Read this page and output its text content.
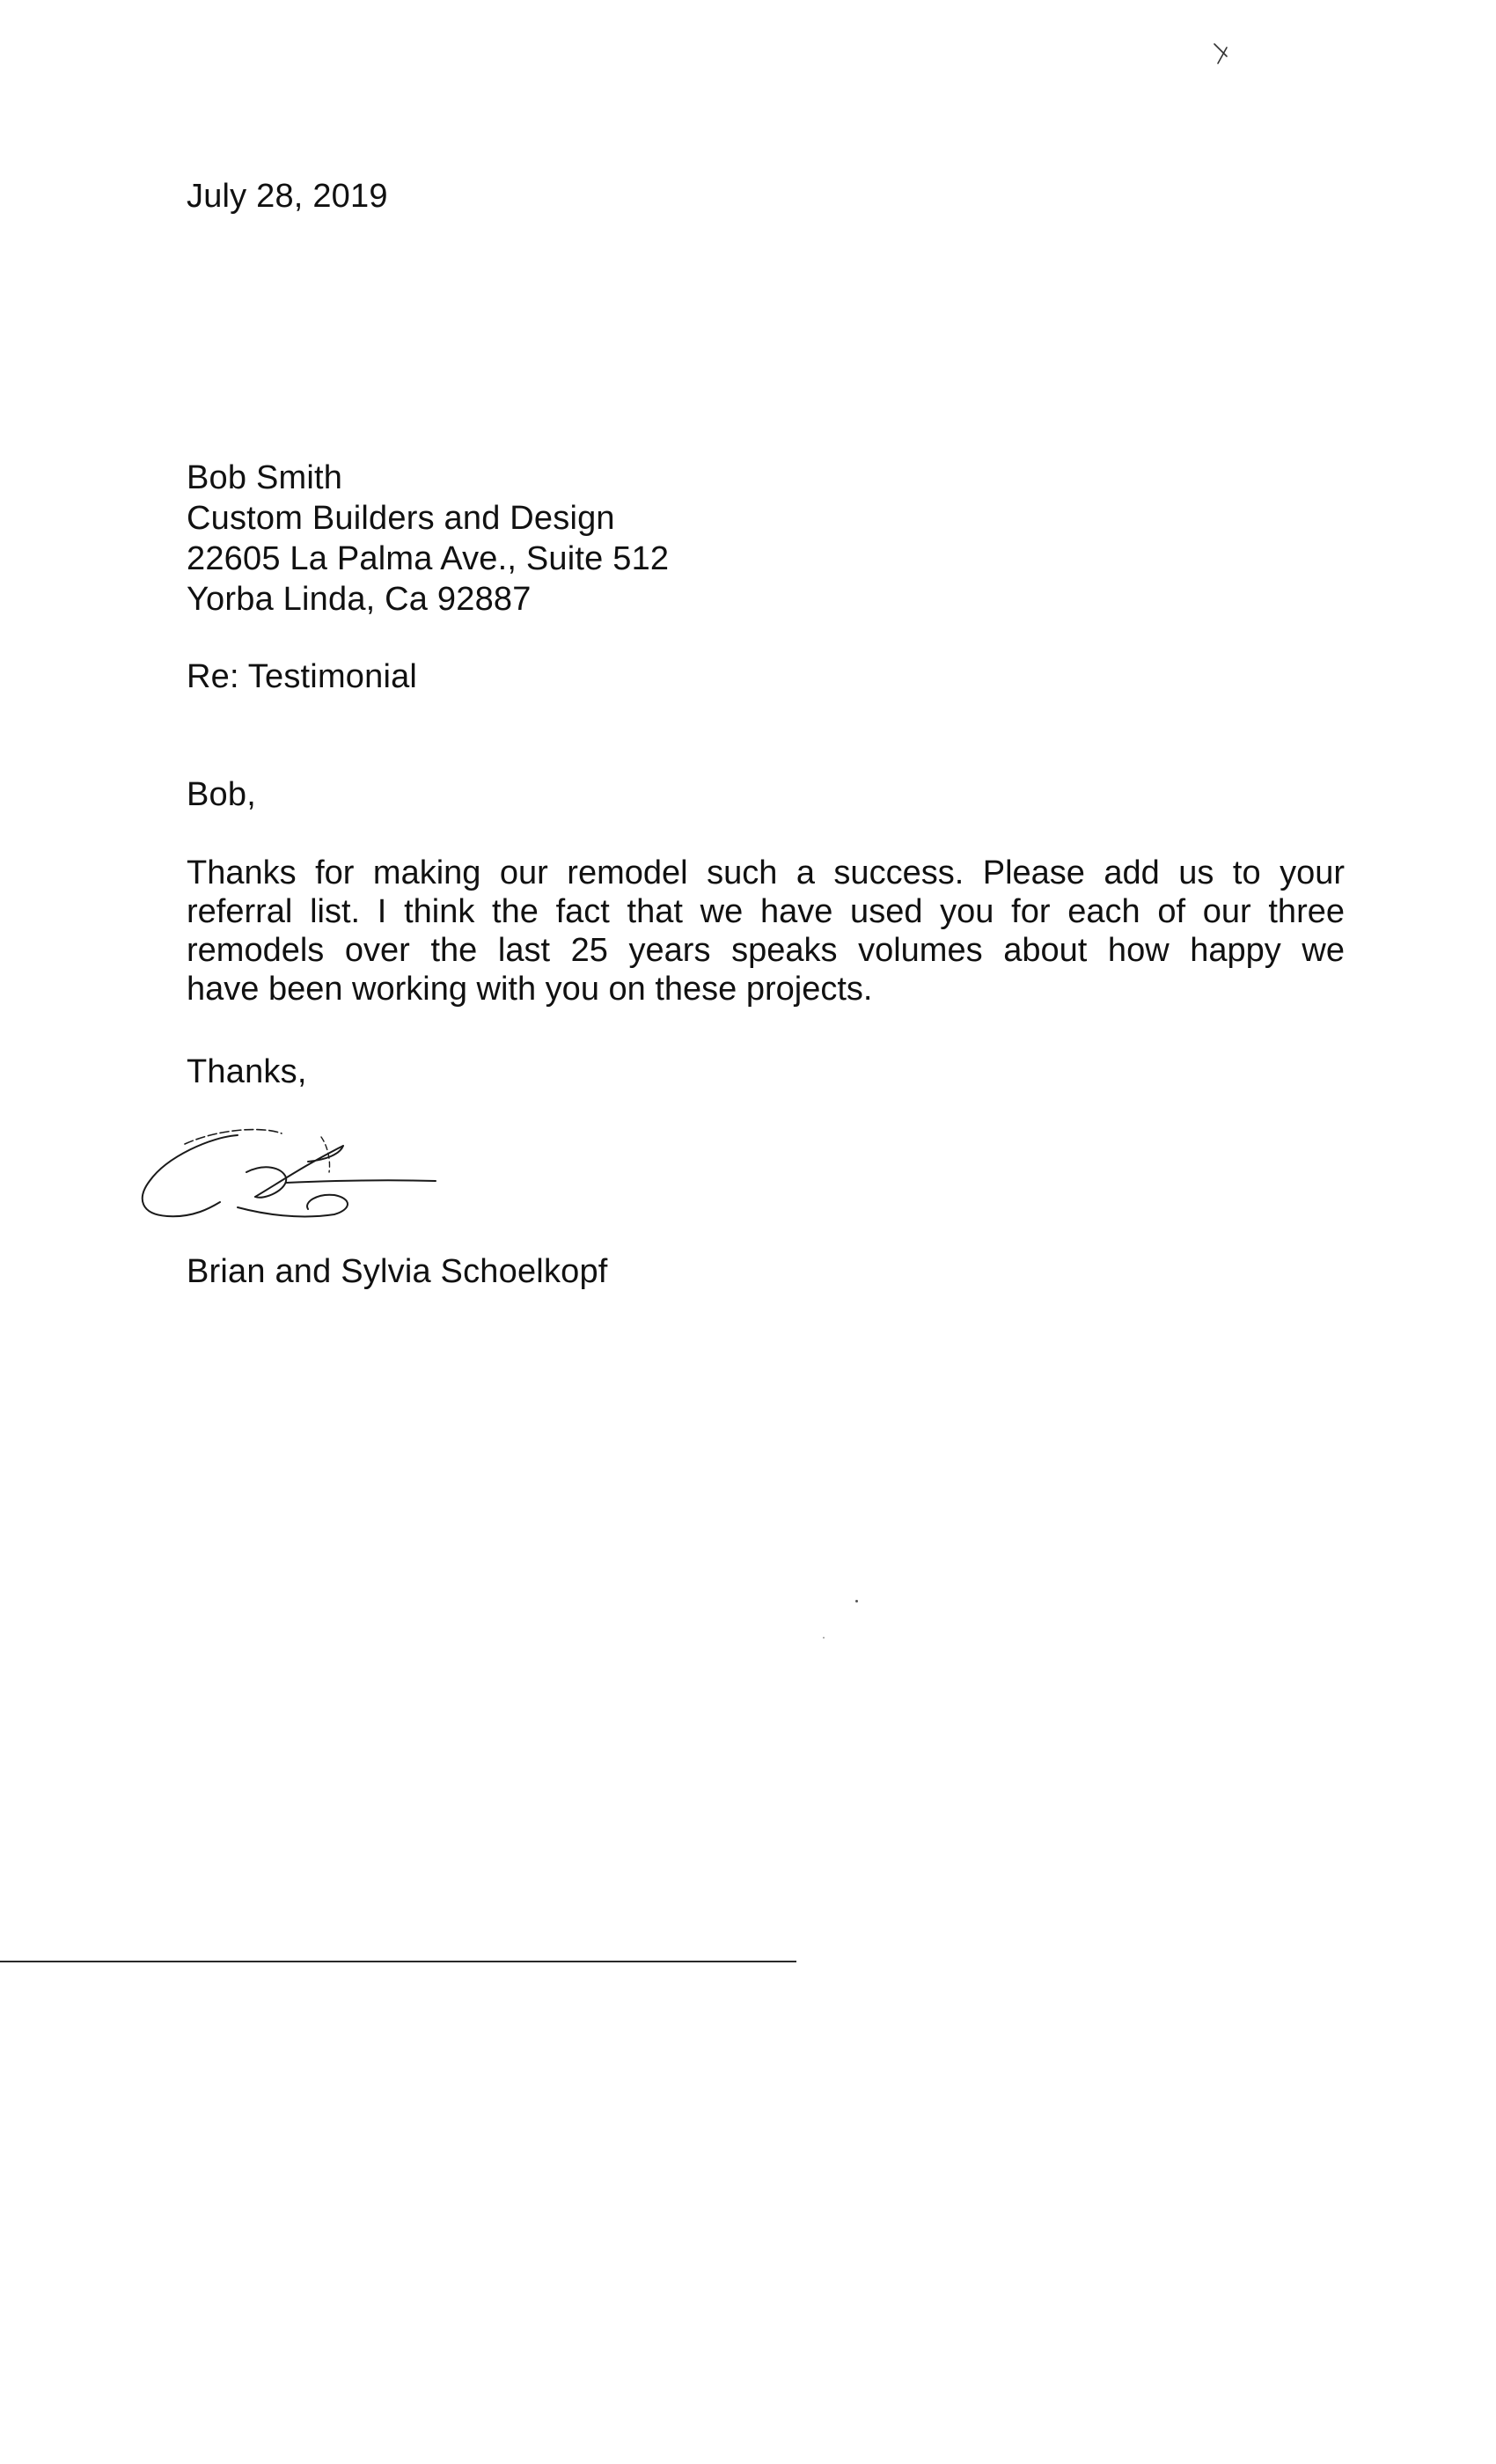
July 28, 2019
Bob Smith
Custom Builders and Design
22605 La Palma Ave., Suite 512
Yorba Linda, Ca 92887
Re: Testimonial
Bob,
Thanks for making our remodel such a success. Please add us to your
referral list. I think the fact that we have used you for each of our three
remodels over the last 25 years speaks volumes about how happy we
have been working with you on these projects.
Thanks,
Brian and Sylvia Schoelkopf
